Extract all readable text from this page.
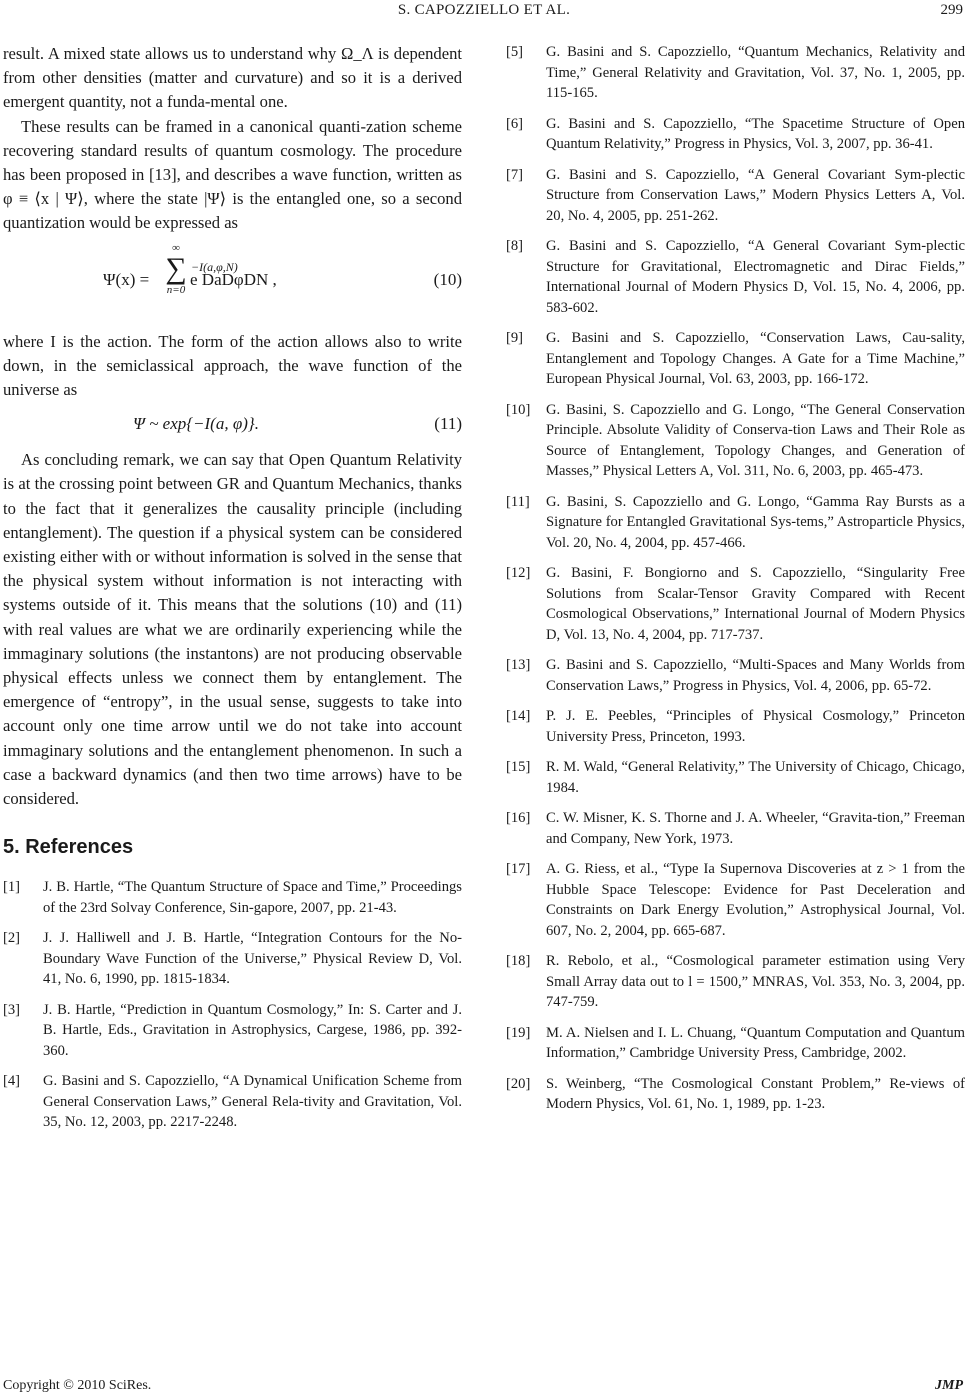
S. CAPOZZIELLO ET AL.	299

result. A mixed state allows us to understand why Ω_Λ is dependent from other densities (matter and curvature) and so it is a derived emergent quantity, not a funda-mental one.

These results can be framed in a canonical quanti-zation scheme recovering standard results of quantum cosmology. The procedure has been proposed in [13], and describes a wave function, written as φ ≡ ⟨x | Ψ⟩, where the state |Ψ⟩ is the entangled one, so a second quantization would be expressed as

Ψ(x) =
∞
∑
n=0
−I(a,φ,N)
e DaDφDN ,	(10)

where I is the action. The form of the action allows also to write down, in the semiclassical approach, the wave function of the universe as

Ψ ~ exp{−I(a, φ)}.	(11)

As concluding remark, we can say that Open Quantum Relativity is at the crossing point between GR and Quantum Mechanics, thanks to the fact that it generalizes the causality principle (including entanglement). The question if a physical system can be considered existing either with or without information is solved in the sense that the physical system without information is not interacting with systems outside of it. This means that the solutions (10) and (11) with real values are what we are ordinarily experiencing while the immaginary solutions (the instantons) are not producing observable physical effects unless we connect them by entanglement. The emergence of “entropy”, in the usual sense, suggests to take into account only one time arrow until we do not take into account immaginary solutions and the entanglement phenomenon. In such a case a backward dynamics (and then two time arrows) have to be considered.

5. References
[1] J. B. Hartle, “The Quantum Structure of Space and Time,” Proceedings of the 23rd Solvay Conference, Sin-gapore, 2007, pp. 21-43.
[2] J. J. Halliwell and J. B. Hartle, “Integration Contours for the No-Boundary Wave Function of the Universe,” Physical Review D, Vol. 41, No. 6, 1990, pp. 1815-1834.
[3] J. B. Hartle, “Prediction in Quantum Cosmology,” In: S. Carter and J. B. Hartle, Eds., Gravitation in Astrophysics, Cargese, 1986, pp. 392-360.
[4] G. Basini and S. Capozziello, “A Dynamical Unification Scheme from General Conservation Laws,” General Rela-tivity and Gravitation, Vol. 35, No. 12, 2003, pp. 2217-2248.
[5] G. Basini and S. Capozziello, “Quantum Mechanics, Relativity and Time,” General Relativity and Gravitation, Vol. 37, No. 1, 2005, pp. 115-165.
[6] G. Basini and S. Capozziello, “The Spacetime Structure of Open Quantum Relativity,” Progress in Physics, Vol. 3, 2007, pp. 36-41.
[7] G. Basini and S. Capozziello, “A General Covariant Sym-plectic Structure from Conservation Laws,” Modern Physics Letters A, Vol. 20, No. 4, 2005, pp. 251-262.
[8] G. Basini and S. Capozziello, “A General Covariant Sym-plectic Structure for Gravitational, Electromagnetic and Dirac Fields,” International Journal of Modern Physics D, Vol. 15, No. 4, 2006, pp. 583-602.
[9] G. Basini and S. Capozziello, “Conservation Laws, Cau-sality, Entanglement and Topology Changes. A Gate for a Time Machine,” European Physical Journal, Vol. 63, 2003, pp. 166-172.
[10] G. Basini, S. Capozziello and G. Longo, “The General Conservation Principle. Absolute Validity of Conserva-tion Laws and Their Role as Source of Entanglement, Topology Changes, and Generation of Masses,” Physical Letters A, Vol. 311, No. 6, 2003, pp. 465-473.
[11] G. Basini, S. Capozziello and G. Longo, “Gamma Ray Bursts as a Signature for Entangled Gravitational Sys-tems,” Astroparticle Physics, Vol. 20, No. 4, 2004, pp. 457-466.
[12] G. Basini, F. Bongiorno and S. Capozziello, “Singularity Free Solutions from Scalar-Tensor Gravity Compared with Recent Cosmological Observations,” International Journal of Modern Physics D, Vol. 13, No. 4, 2004, pp. 717-737.
[13] G. Basini and S. Capozziello, “Multi-Spaces and Many Worlds from Conservation Laws,” Progress in Physics, Vol. 4, 2006, pp. 65-72.
[14] P. J. E. Peebles, “Principles of Physical Cosmology,” Princeton University Press, Princeton, 1993.
[15] R. M. Wald, “General Relativity,” The University of Chicago, Chicago, 1984.
[16] C. W. Misner, K. S. Thorne and J. A. Wheeler, “Gravita-tion,” Freeman and Company, New York, 1973.
[17] A. G. Riess, et al., “Type Ia Supernova Discoveries at z > 1 from the Hubble Space Telescope: Evidence for Past Deceleration and Constraints on Dark Energy Evolution,” Astrophysical Journal, Vol. 607, No. 2, 2004, pp. 665-687.
[18] R. Rebolo, et al., “Cosmological parameter estimation using Very Small Array data out to l = 1500,” MNRAS, Vol. 353, No. 3, 2004, pp. 747-759.
[19] M. A. Nielsen and I. L. Chuang, “Quantum Computation and Quantum Information,” Cambridge University Press, Cambridge, 2002.
[20] S. Weinberg, “The Cosmological Constant Problem,” Re-views of Modern Physics, Vol. 61, No. 1, 1989, pp. 1-23.
Copyright © 2010 SciRes.	JMP
